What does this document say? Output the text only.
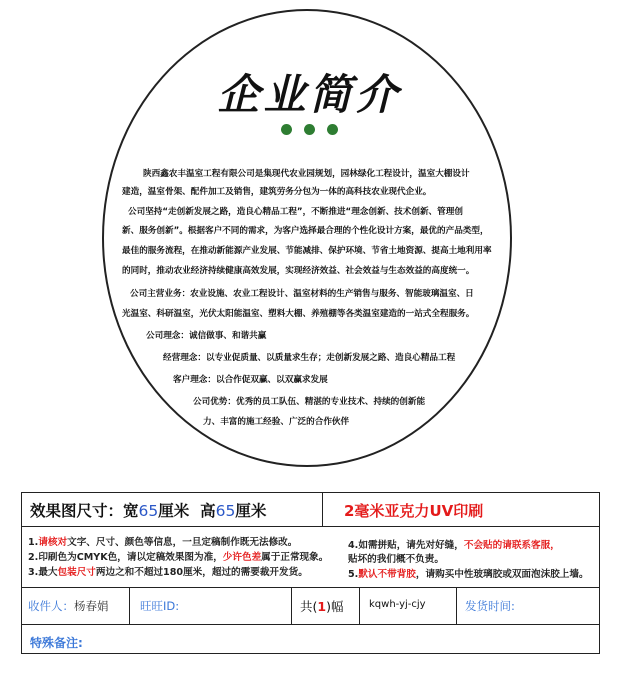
企业简介
陕西鑫农丰温室工程有限公司是集现代农业园规划，园林绿化工程设计，温室大棚设计
建造，温室骨架、配件加工及销售，建筑劳务分包为一体的高科技农业现代企业。
公司坚持“走创新发展之路，造良心精品工程”，不断推进“理念创新、技术创新、管理创
新、服务创新”。根据客户不同的需求，为客户选择最合理的个性化设计方案，最优的产品类型，
最佳的服务流程，在推动新能源产业发展、节能减排、保护环境、节省土地资源、提高土地利用率
的同时，推动农业经济持续健康高效发展，实现经济效益、社会效益与生态效益的高度统一。
公司主营业务：农业设施、农业工程设计、温室材料的生产销售与服务、智能玻璃温室、日
光温室、科研温室，光伏太阳能温室、塑料大棚、养殖棚等各类温室建造的一站式全程服务。
公司理念：诚信做事、和谐共赢
经营理念：以专业促质量、以质量求生存；走创新发展之路、造良心精品工程
客户理念：以合作促双赢、以双赢求发展
公司优势：优秀的员工队伍、精湛的专业技术、持续的创新能
力、丰富的施工经验、广泛的合作伙伴
效果图尺寸：宽65厘米 高65厘米	2毫米亚克力UV印刷
1.请核对文字、尺寸、颜色等信息，一旦定稿制作既无法修改。
2.印刷色为CMYK色，请以定稿效果图为准，少许色差属于正常现象。
3.最大包装尺寸两边之和不超过180厘米，超过的需要裁开发货。
4.如需拼贴，请先对好缝，不会贴的请联系客服，
贴坏的我们概不负责。
5.默认不带背胶，请购买中性玻璃胶或双面泡沫胶上墙。
收件人：杨春娟	旺旺ID:	共(1)幅	kqwh-yj-cjy	发货时间:
特殊备注:
